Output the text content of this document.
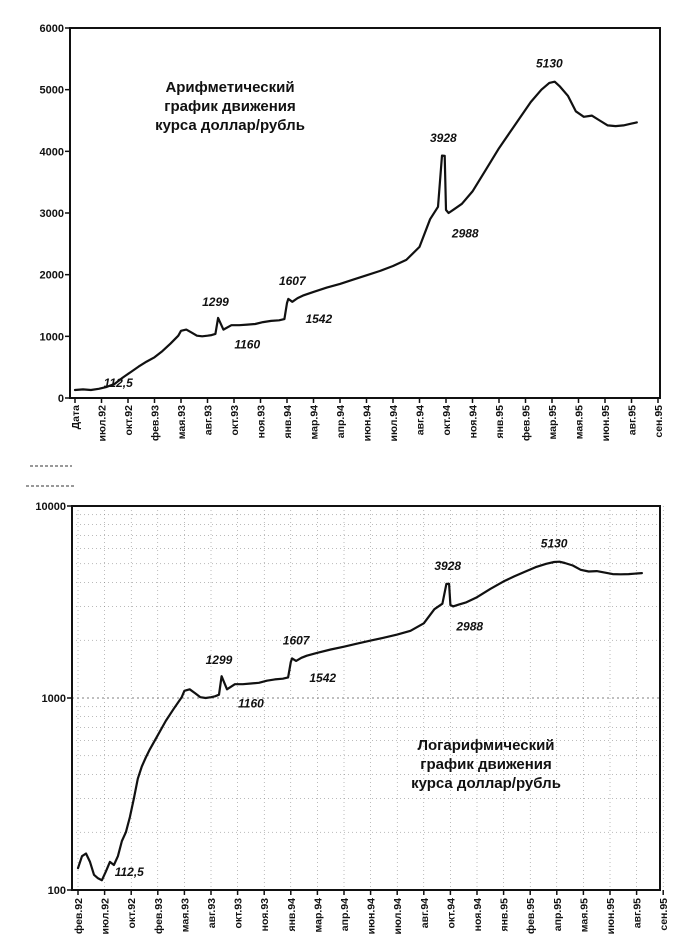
0
1000
2000
3000
4000
5000
6000
Дата июл.92 окт.92 фев.93 мая.93 авг.93 окт.93 ноя.93 янв.94 мар.94 апр.94 июн.94 июл.94 авг.94 окт.94 ноя.94 янв.95 фев.95 мар.95 мая.95 июн.95 авг.95 сен.95
Арифметический
график движения
курса доллар/рубль
112,5
1299
1160
1607
1542
3928
2988
5130
100
1000
10000
фев.92 июл.92 окт.92 фев.93 мая.93 авг.93 окт.93 ноя.93 янв.94 мар.94 апр.94 июн.94 июл.94 авг.94 окт.94 ноя.94 янв.95 фев.95 апр.95 мая.95 июн.95 авг.95 сен.95
Логарифмический
график движения
курса доллар/рубль
112,5
1299
1160
1607
1542
3928
2988
5130
